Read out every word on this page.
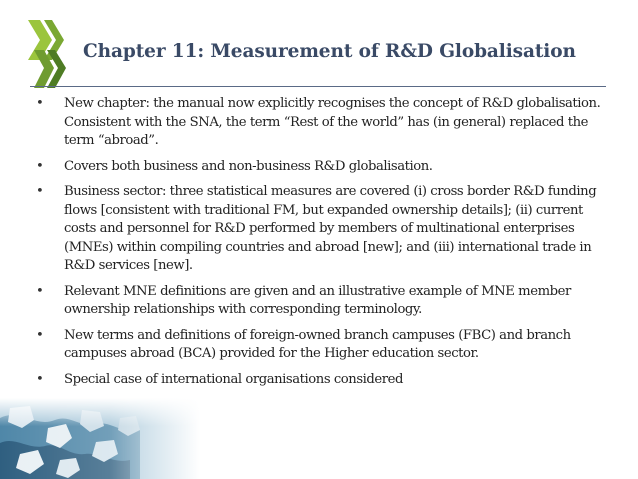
Chapter 11: Measurement of R&D Globalisation
• New chapter: the manual now explicitly recognises the concept of R&D globalisation. Consistent with the SNA, the term “Rest of the world” has (in general) replaced the term “abroad”.
• Covers both business and non-business R&D globalisation.
• Business sector: three statistical measures are covered (i) cross border R&D funding flows [consistent with traditional FM, but expanded ownership details]; (ii) current costs and personnel for R&D performed by members of multinational enterprises (MNEs) within compiling countries and abroad [new]; and (iii) international trade in R&D services [new].
• Relevant MNE definitions are given and an illustrative example of MNE member ownership relationships with corresponding terminology.
• New terms and definitions of foreign-owned branch campuses (FBC) and branch campuses abroad (BCA) provided for the Higher education sector.
• Special case of international organisations considered
